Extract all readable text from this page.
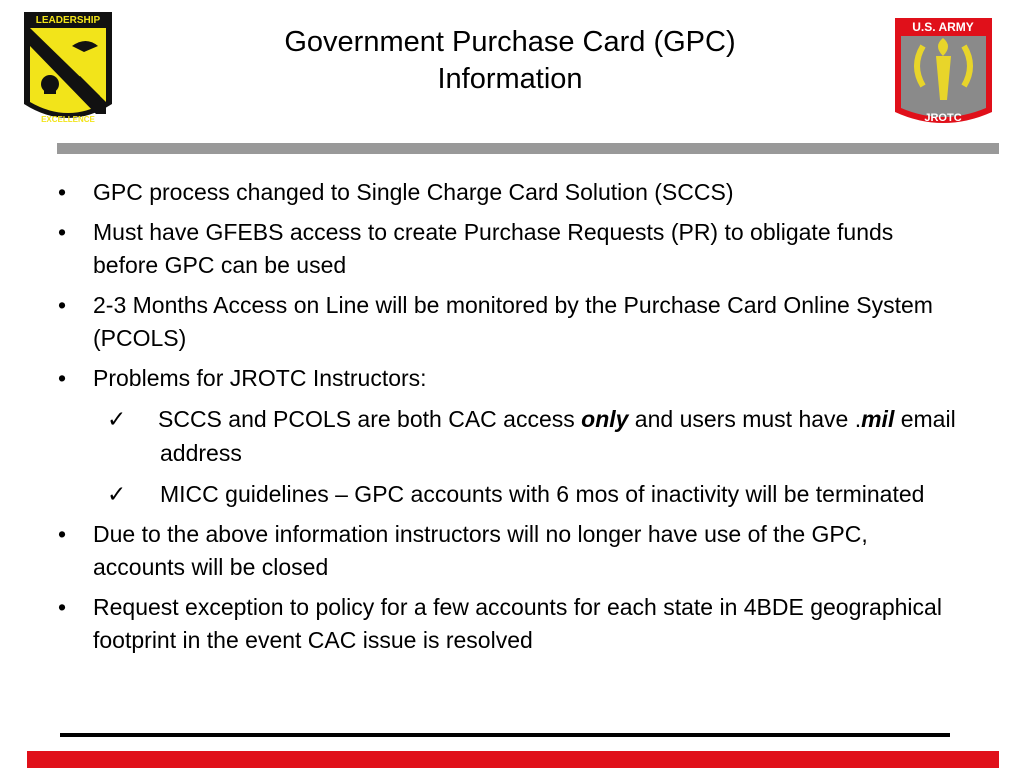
LEADERSHIP
EXCELLENCE
Government Purchase Card (GPC)
Information
U.S. ARMY
JROTC
• GPC process changed to Single Charge Card Solution (SCCS)
• Must have GFEBS access to create Purchase Requests (PR) to obligate funds before GPC can be used
• 2-3 Months Access on Line will be monitored by the Purchase Card Online System (PCOLS)
• Problems for JROTC Instructors:
✓ SCCS and PCOLS are both CAC access only and users must have .mil email address
✓ MICC guidelines – GPC accounts with 6 mos of inactivity will be terminated
• Due to the above information instructors will no longer have use of the GPC, accounts will be closed
• Request exception to policy for a few accounts for each state in 4BDE geographical footprint in the event CAC issue is resolved
